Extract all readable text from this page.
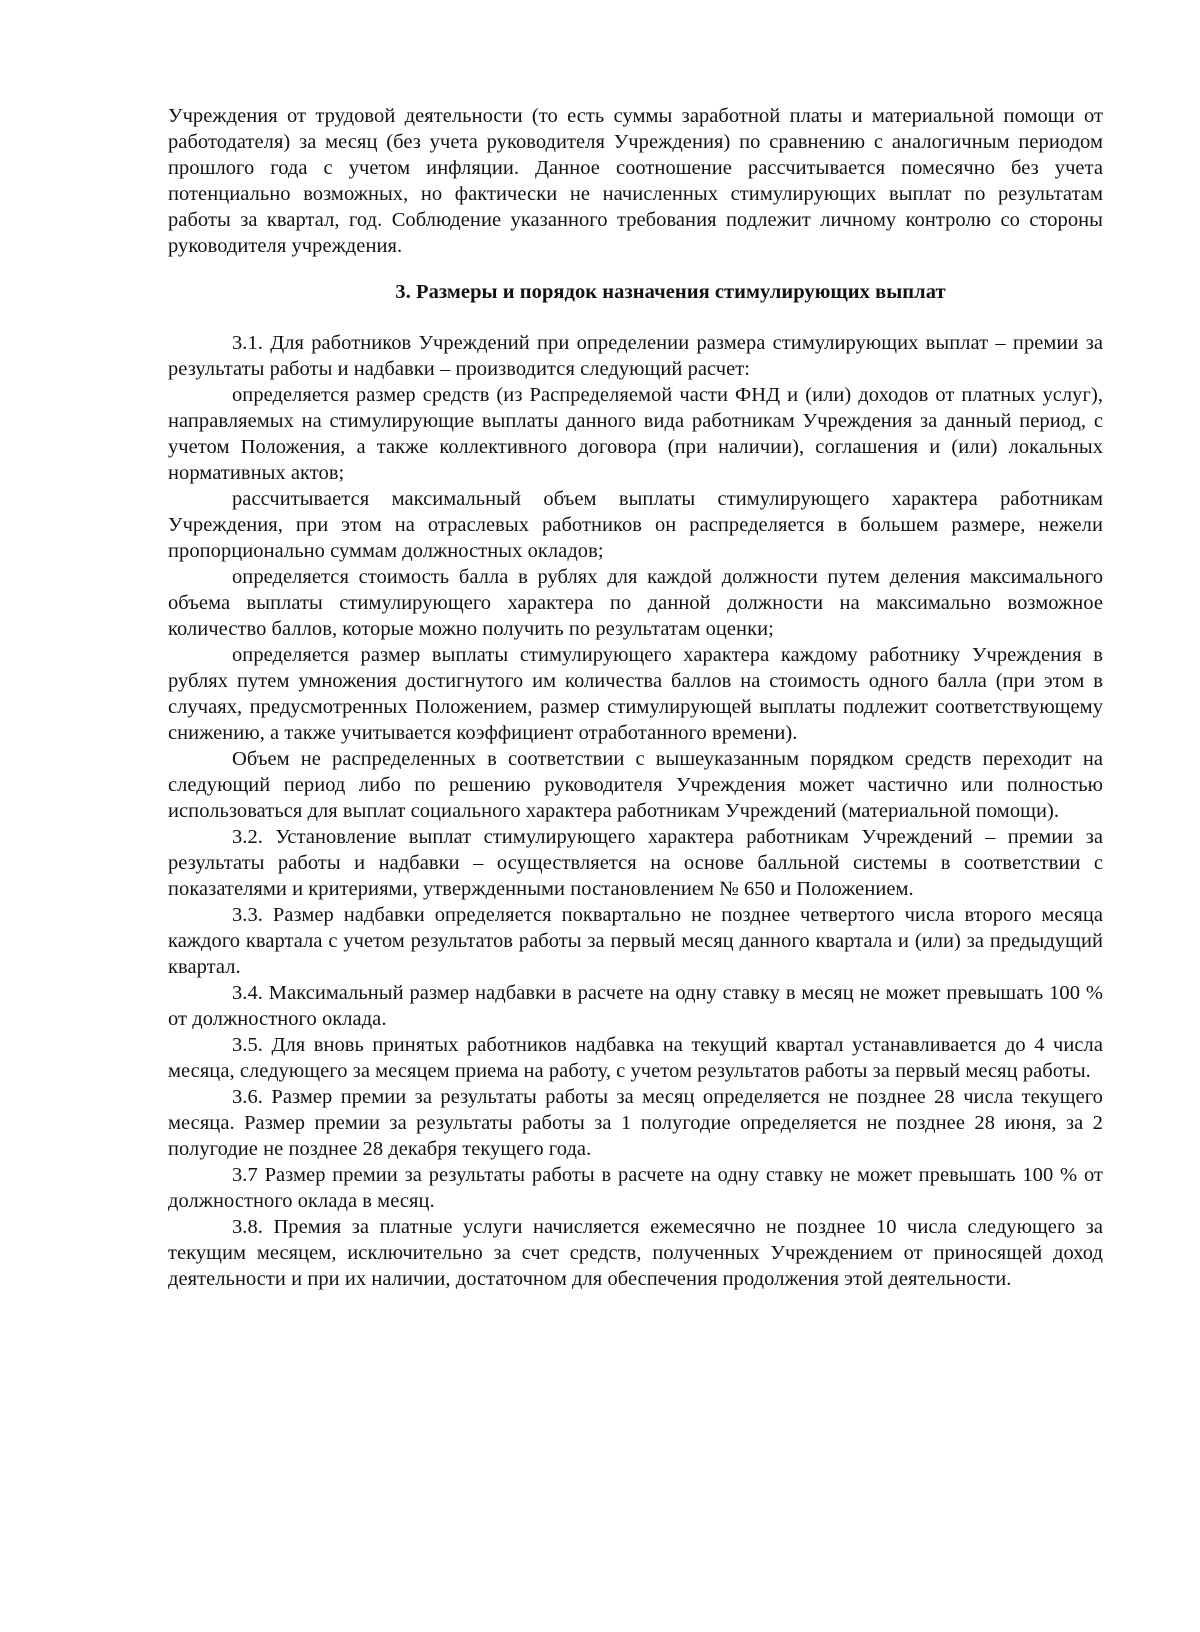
Учреждения от трудовой деятельности (то есть суммы заработной платы и материальной помощи от работодателя) за месяц (без учета руководителя Учреждения) по сравнению с аналогичным периодом прошлого года с учетом инфляции. Данное соотношение рассчитывается помесячно без учета потенциально возможных, но фактически не начисленных стимулирующих выплат по результатам работы за квартал, год. Соблюдение указанного требования подлежит личному контролю со стороны руководителя учреждения.

3. Размеры и порядок назначения стимулирующих выплат

3.1. Для работников Учреждений при определении размера стимулирующих выплат – премии за результаты работы и надбавки – производится следующий расчет:

определяется размер средств (из Распределяемой части ФНД и (или) доходов от платных услуг), направляемых на стимулирующие выплаты данного вида работникам Учреждения за данный период, с учетом Положения, а также коллективного договора (при наличии), соглашения и (или) локальных нормативных актов;

рассчитывается максимальный объем выплаты стимулирующего характера работникам Учреждения, при этом на отраслевых работников он распределяется в большем размере, нежели пропорционально суммам должностных окладов;

определяется стоимость балла в рублях для каждой должности путем деления максимального объема выплаты стимулирующего характера по данной должности на максимально возможное количество баллов, которые можно получить по результатам оценки;

определяется размер выплаты стимулирующего характера каждому работнику Учреждения в рублях путем умножения достигнутого им количества баллов на стоимость одного балла (при этом в случаях, предусмотренных Положением, размер стимулирующей выплаты подлежит соответствующему снижению, а также учитывается коэффициент отработанного времени).

Объем не распределенных в соответствии с вышеуказанным порядком средств переходит на следующий период либо по решению руководителя Учреждения может частично или полностью использоваться для выплат социального характера работникам Учреждений (материальной помощи).

3.2. Установление выплат стимулирующего характера работникам Учреждений – премии за результаты работы и надбавки – осуществляется на основе балльной системы в соответствии с показателями и критериями, утвержденными постановлением № 650 и Положением.

3.3. Размер надбавки определяется поквартально не позднее четвертого числа второго месяца каждого квартала с учетом результатов работы за первый месяц данного квартала и (или) за предыдущий квартал.

3.4. Максимальный размер надбавки в расчете на одну ставку в месяц не может превышать 100 % от должностного оклада.

3.5. Для вновь принятых работников надбавка на текущий квартал устанавливается до 4 числа месяца, следующего за месяцем приема на работу, с учетом результатов работы за первый месяц работы.

3.6. Размер премии за результаты работы за месяц определяется не позднее 28 числа текущего месяца. Размер премии за результаты работы за 1 полугодие определяется не позднее 28 июня, за 2 полугодие не позднее 28 декабря текущего года.

3.7 Размер премии за результаты работы в расчете на одну ставку не может превышать 100 % от должностного оклада в месяц.

3.8. Премия за платные услуги начисляется ежемесячно не позднее 10 числа следующего за текущим месяцем, исключительно за счет средств, полученных Учреждением от приносящей доход деятельности и при их наличии, достаточном для обеспечения продолжения этой деятельности.
